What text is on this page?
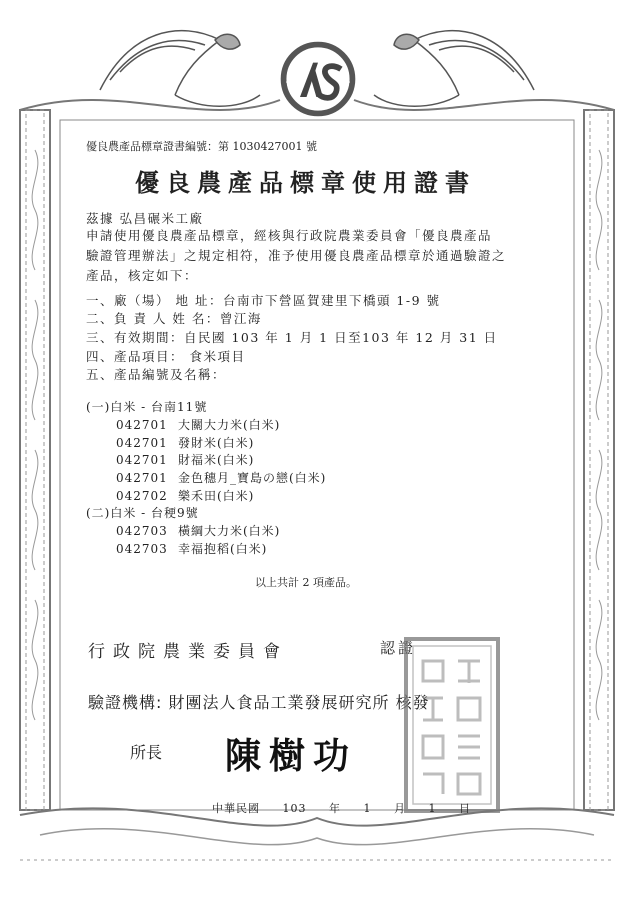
優良農產品標章證書編號：第 1030427001 號
優良農產品標章使用證書
茲據 弘昌碾米工廠
申請使用優良農產品標章，經核與行政院農業委員會「優良農產品
驗證管理辦法」之規定相符，准予使用優良農產品標章於通過驗證之
產品，核定如下：
一、廠（場） 地 址：台南市下營區賀建里下橋頭 1-9 號
二、負 責 人 姓 名：曾江海
三、有效期間：自民國 103 年 1 月 1 日至103 年 12 月 31 日
四、產品項目： 食米項目
五、產品編號及名稱：
(一)白米 - 台南11號
042701 大關大力米(白米)
042701 發財米(白米)
042701 財福米(白米)
042701 金色穗月_寶島の戀(白米)
042702 樂禾田(白米)
(二)白米 - 台稉9號
042703 橫綱大力米(白米)
042703 幸福抱稻(白米)
以上共計 2 項產品。
行政院農業委員會	認證
驗證機構: 財團法人食品工業發展研究所 核發
所長 陳樹功
中華民國 103 年 1 月 1 日
